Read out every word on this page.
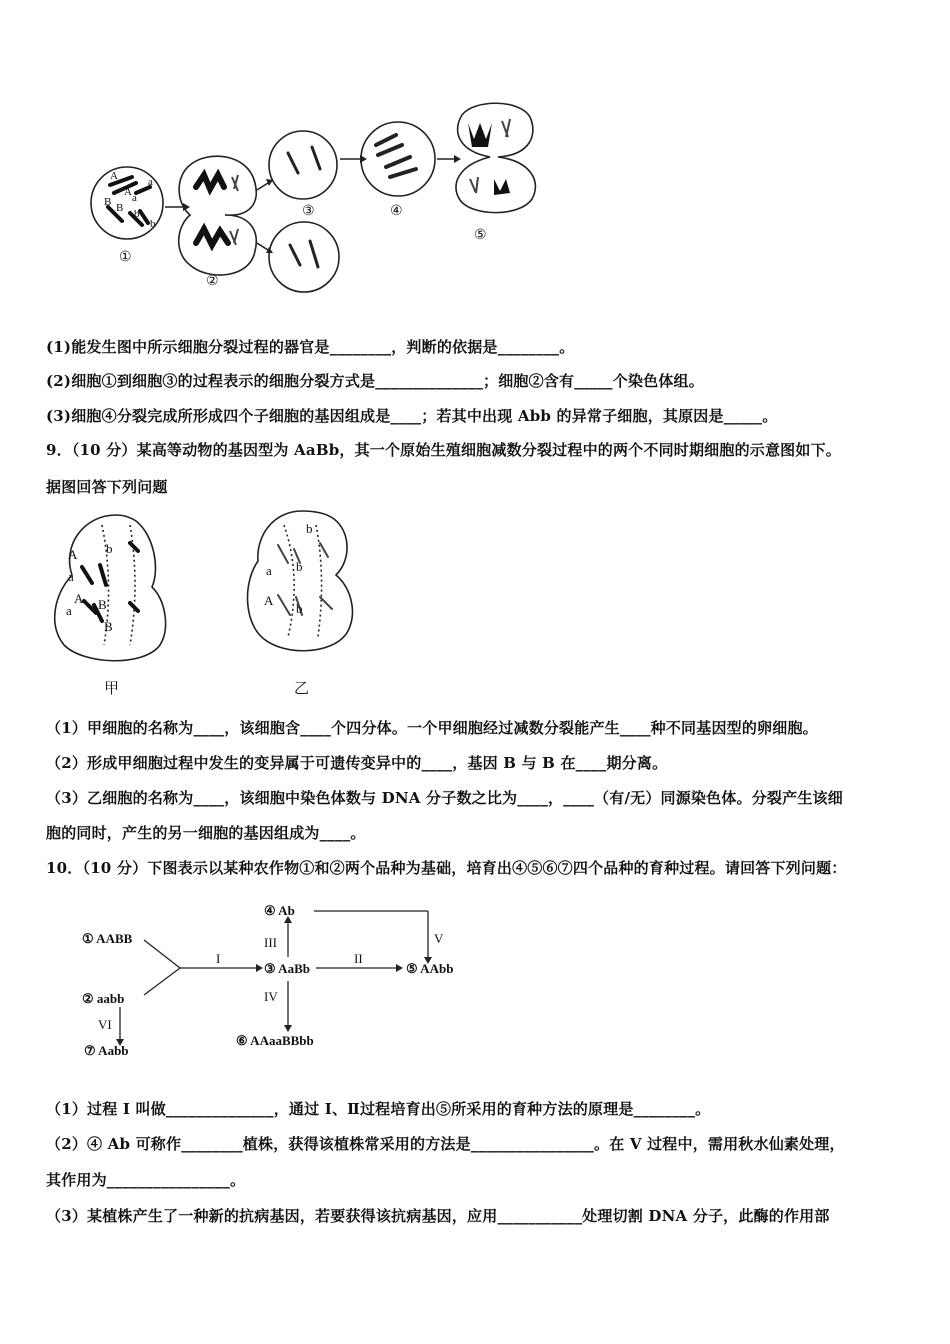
A	a
A a
B B b
b
①
②
③	④
⑤
(1)能发生图中所示细胞分裂过程的器官是________，判断的依据是________。
(2)细胞①到细胞③的过程表示的细胞分裂方式是______________；细胞②含有_____个染色体组。
(3)细胞④分裂完成所形成四个子细胞的基因组成是____；若其中出现 Abb 的异常子细胞，其原因是_____。
9．（10 分）某高等动物的基因型为 AaBb，其一个原始生殖细胞减数分裂过程中的两个不同时期细胞的示意图如下。
据图回答下列问题
A b
a
A B
B
a
b
a b
A
b
甲	乙
（1）甲细胞的名称为____，该细胞含____个四分体。一个甲细胞经过减数分裂能产生____种不同基因型的卵细胞。
（2）形成甲细胞过程中发生的变异属于可遗传变异中的____，基因 B 与 B 在____期分离。
（3）乙细胞的名称为____，该细胞中染色体数与 DNA 分子数之比为____，____（有/无）同源染色体。分裂产生该细
胞的同时，产生的另一细胞的基因组成为____。
10．（10 分）下图表示以某种农作物①和②两个品种为基础，培育出④⑤⑥⑦四个品种的育种过程。请回答下列问题：
① AABB
② aabb
③ AaBb
④ Ab
⑤ AAbb
⑥ AAaaBBbb
⑦ Aabb
I	II
III
IV
V
VI
（1）过程 I 叫做______________，通过 I、Ⅱ过程培育出⑤所采用的育种方法的原理是________。
（2）④ Ab 可称作________植株，获得该植株常采用的方法是________________。在 V 过程中，需用秋水仙素处理，
其作用为________________。
（3）某植株产生了一种新的抗病基因，若要获得该抗病基因，应用___________处理切割 DNA 分子，此酶的作用部
